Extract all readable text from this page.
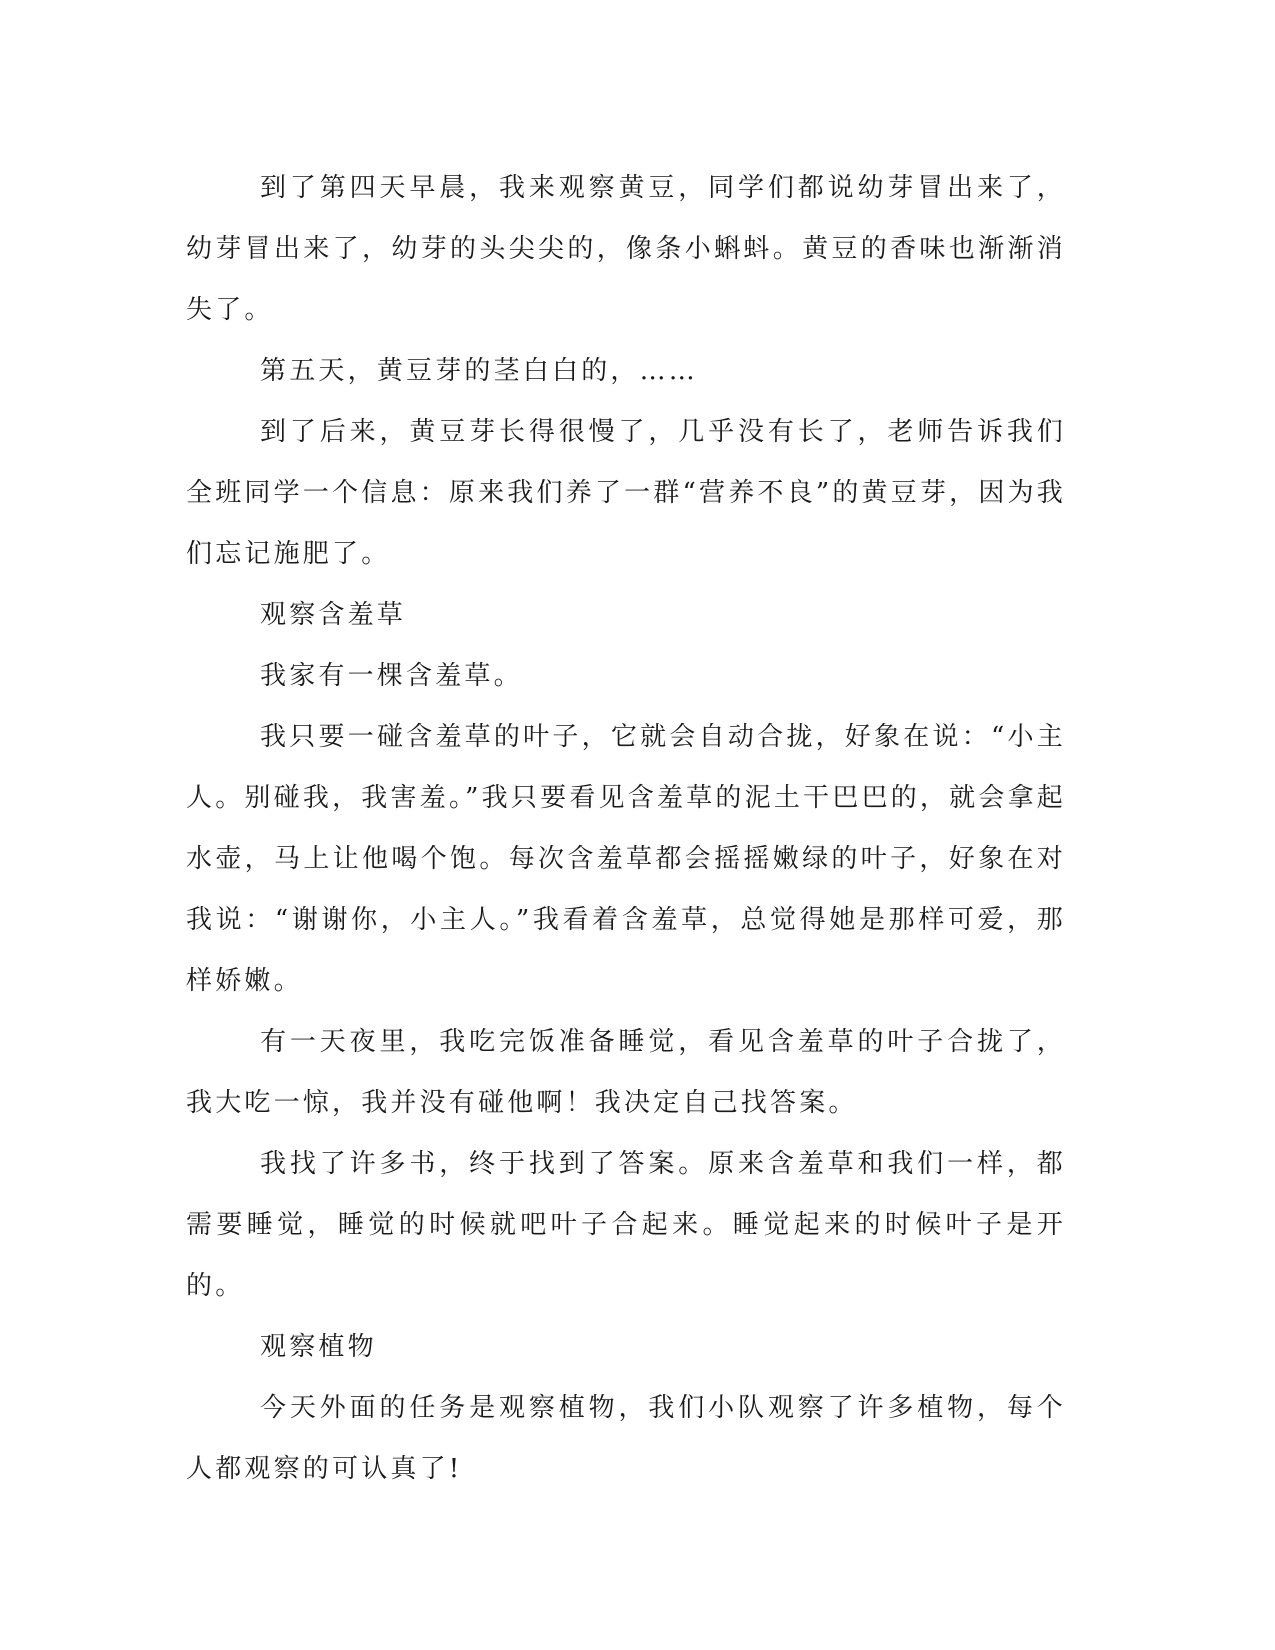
到了第四天早晨，我来观察黄豆，同学们都说幼芽冒出来了，幼芽冒出来了，幼芽的头尖尖的，像条小蝌蚪。黄豆的香味也渐渐消失了。

第五天，黄豆芽的茎白白的，……

到了后来，黄豆芽长得很慢了，几乎没有长了，老师告诉我们全班同学一个信息：原来我们养了一群“营养不良”的黄豆芽，因为我们忘记施肥了。

观察含羞草

我家有一棵含羞草。

我只要一碰含羞草的叶子，它就会自动合拢，好象在说：“小主人。别碰我，我害羞。”我只要看见含羞草的泥土干巴巴的，就会拿起水壶，马上让他喝个饱。每次含羞草都会摇摇嫩绿的叶子，好象在对我说：“谢谢你，小主人。”我看着含羞草，总觉得她是那样可爱，那样娇嫩。

有一天夜里，我吃完饭准备睡觉，看见含羞草的叶子合拢了，我大吃一惊，我并没有碰他啊！我决定自己找答案。

我找了许多书，终于找到了答案。原来含羞草和我们一样，都需要睡觉，睡觉的时候就吧叶子合起来。睡觉起来的时候叶子是开的。

观察植物

今天外面的任务是观察植物，我们小队观察了许多植物，每个人都观察的可认真了!
